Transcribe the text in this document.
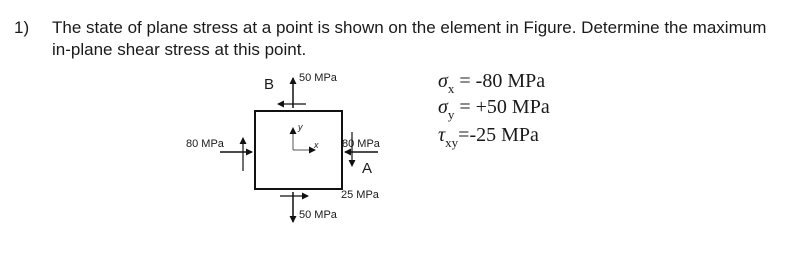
1) The state of plane stress at a point is shown on the element in Figure. Determine the maximum
in-plane shear stress at this point.
B 50 MPa
80 MPa	80 MPa
A
25 MPa
50 MPa
y
x
$\sigma_x = -80$ MPa
$\sigma_y = +50$ MPa
$\tau_{xy}=-25$ MPa
